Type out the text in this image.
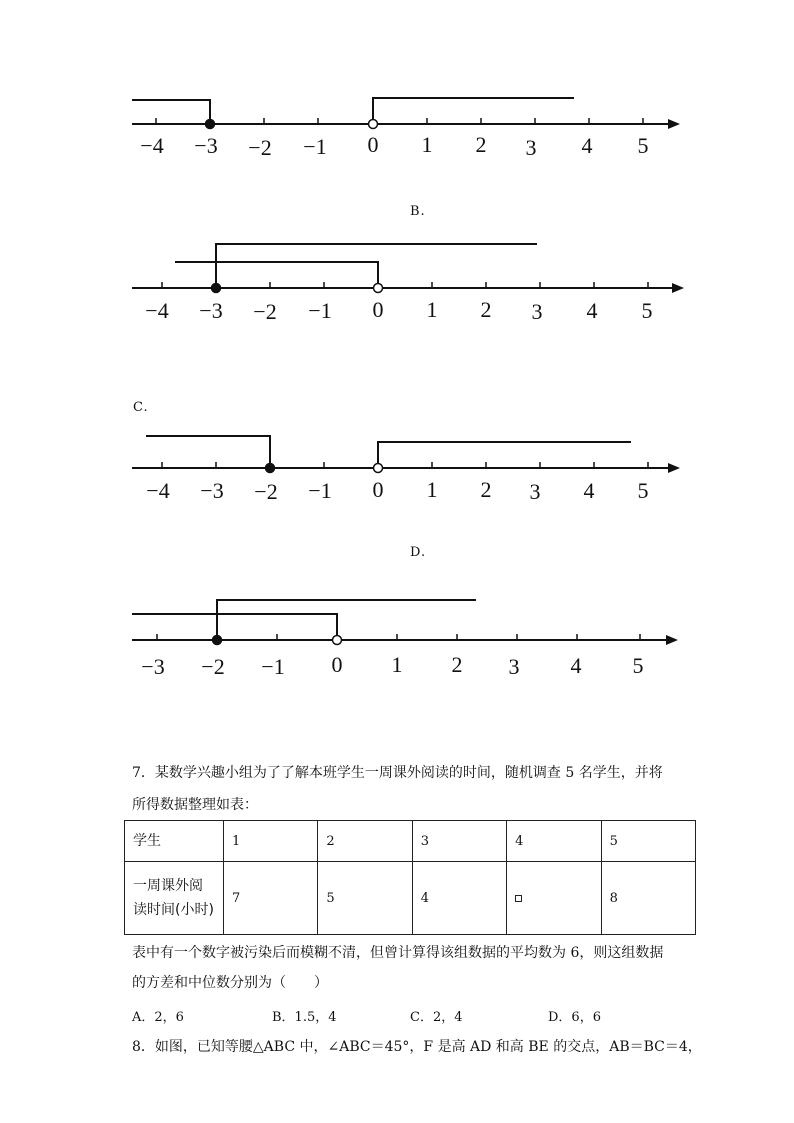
−4 −3 −2 −1 0 1 2 3 4 5
B.
−4 −3 −2 −1 0 1 2 3 4 5
C.
−4 −3 −2 −1 0 1 2 3 4 5
D.
−3 −2 −1 0 1 2 3 4 5
7．某数学兴趣小组为了了解本班学生一周课外阅读的时间，随机调查 5 名学生，并将
所得数据整理如表：
学生	1	2	3	4	5

一周课外阅
读时间(小时)	7	5	4		8
表中有一个数字被污染后而模糊不清，但曾计算得该组数据的平均数为 6，则这组数据
的方差和中位数分别为（　　）
A．2，6	B．1.5，4	C．2，4	D．6，6
8．如图，已知等腰△ABC 中，∠ABC＝45°，F 是高 AD 和高 BE 的交点，AB＝BC＝4，
